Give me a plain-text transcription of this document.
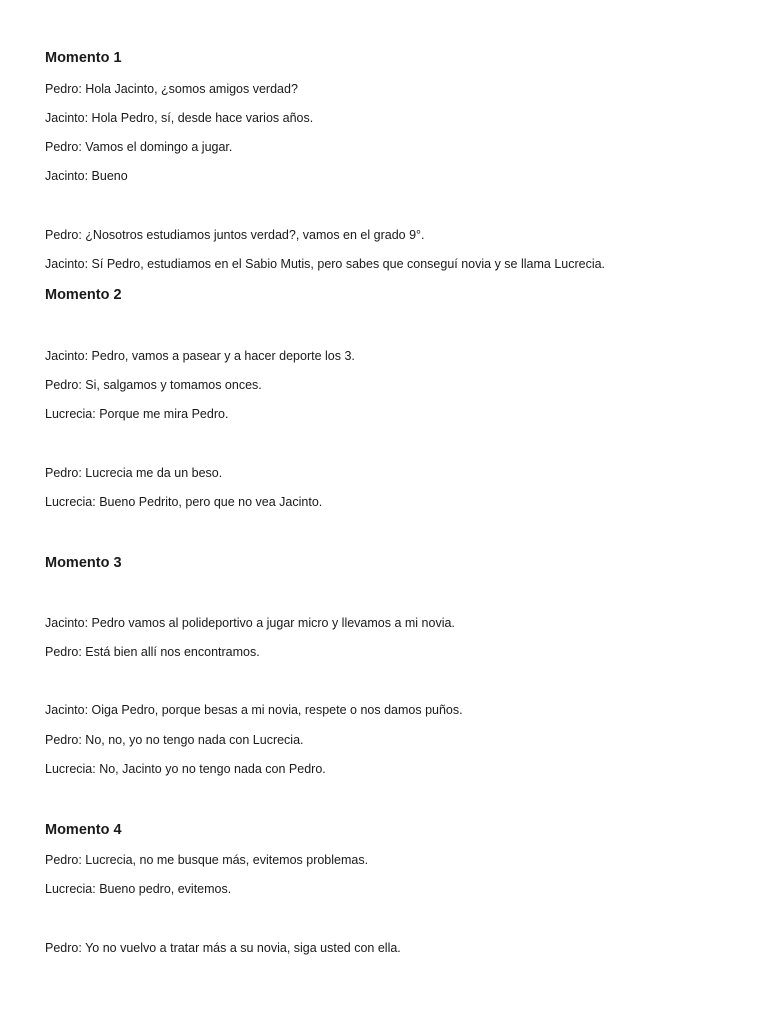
Momento 1
Pedro: Hola Jacinto, ¿somos amigos verdad?
Jacinto: Hola Pedro, sí, desde hace varios años.
Pedro: Vamos el domingo a jugar.
Jacinto: Bueno
Pedro: ¿Nosotros estudiamos juntos verdad?, vamos en el grado 9°.
Jacinto: Sí Pedro, estudiamos en el Sabio Mutis, pero sabes que conseguí novia y se llama Lucrecia.
Momento 2
Jacinto: Pedro, vamos a pasear y a hacer deporte los 3.
Pedro: Si, salgamos y tomamos onces.
Lucrecia: Porque me mira Pedro.
Pedro: Lucrecia me da un beso.
Lucrecia: Bueno Pedrito, pero que no vea Jacinto.
Momento 3
Jacinto: Pedro vamos al polideportivo a jugar micro y llevamos a mi novia.
Pedro: Está bien allí nos encontramos.
Jacinto: Oiga Pedro, porque besas a mi novia, respete o nos damos puños.
Pedro: No, no, yo no tengo nada con Lucrecia.
Lucrecia: No, Jacinto yo no tengo nada con Pedro.
Momento 4
Pedro: Lucrecia, no me busque más, evitemos problemas.
Lucrecia: Bueno pedro, evitemos.
Pedro: Yo no vuelvo a tratar más a su novia, siga usted con ella.
